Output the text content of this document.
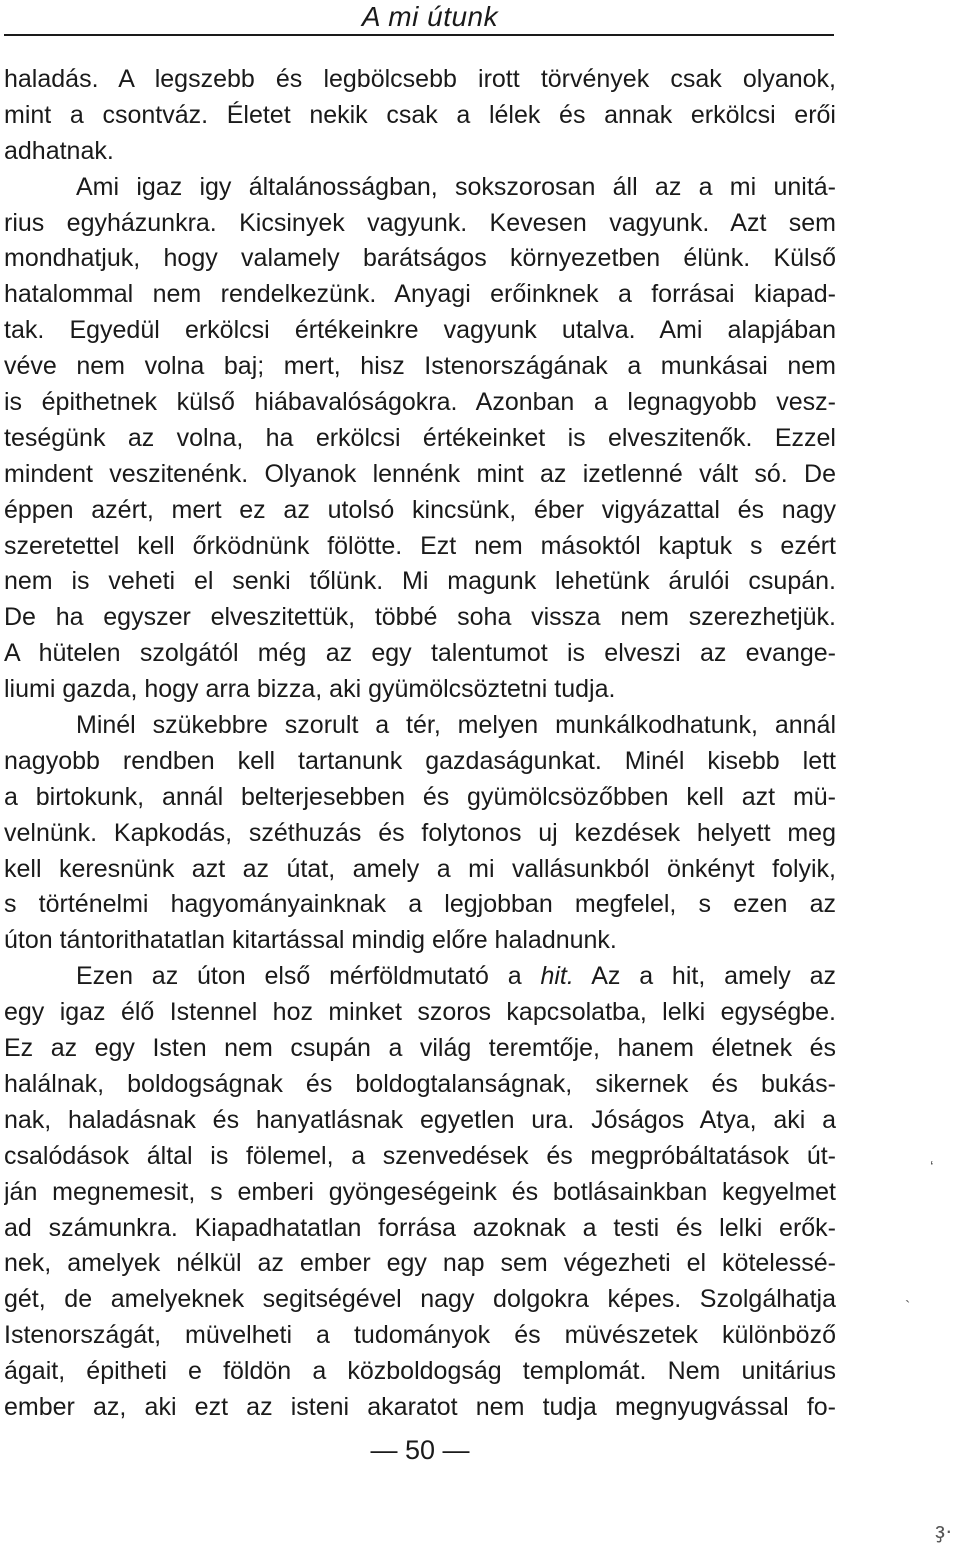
A mi útunk
haladás. A legszebb és legbölcsebb irott törvények csak olyanok,
mint a csontváz. Életet nekik csak a lélek és annak erkölcsi erői
adhatnak.
Ami igaz igy általánosságban, sokszorosan áll az a mi unitá-
rius egyházunkra. Kicsinyek vagyunk. Kevesen vagyunk. Azt sem
mondhatjuk, hogy valamely barátságos környezetben élünk. Külső
hatalommal nem rendelkezünk. Anyagi erőinknek a forrásai kiapad-
tak. Egyedül erkölcsi értékeinkre vagyunk utalva. Ami alapjában
véve nem volna baj; mert, hisz Istenországának a munkásai nem
is épithetnek külső hiábavalóságokra. Azonban a legnagyobb vesz-
teségünk az volna, ha erkölcsi értékeinket is elveszitenők. Ezzel
mindent veszitenénk. Olyanok lennénk mint az izetlenné vált só. De
éppen azért, mert ez az utolsó kincsünk, éber vigyázattal és nagy
szeretettel kell őrködnünk fölötte. Ezt nem másoktól kaptuk s ezért
nem is veheti el senki tőlünk. Mi magunk lehetünk árulói csupán.
De ha egyszer elveszitettük, többé soha vissza nem szerezhetjük.
A hütelen szolgától még az egy talentumot is elveszi az evange-
liumi gazda, hogy arra bizza, aki gyümölcsöztetni tudja.
Minél szükebbre szorult a tér, melyen munkálkodhatunk, annál
nagyobb rendben kell tartanunk gazdaságunkat. Minél kisebb lett
a birtokunk, annál belterjesebben és gyümölcsözőbben kell azt mü-
velnünk. Kapkodás, széthuzás és folytonos uj kezdések helyett meg
kell keresnünk azt az útat, amely a mi vallásunkból önkényt folyik,
s történelmi hagyományainknak a legjobban megfelel, s ezen az
úton tántorithatatlan kitartással mindig előre haladnunk.
Ezen az úton első mérföldmutató a hit. Az a hit, amely az
egy igaz élő Istennel hoz minket szoros kapcsolatba, lelki egységbe.
Ez az egy Isten nem csupán a világ teremtője, hanem életnek és
halálnak, boldogságnak és boldogtalanságnak, sikernek és bukás-
nak, haladásnak és hanyatlásnak egyetlen ura. Jóságos Atya, aki a
csalódások által is fölemel, a szenvedések és megpróbáltatások út-
ján megnemesit, s emberi gyöngeségeink és botlásainkban kegyelmet
ad számunkra. Kiapadhatatlan forrása azoknak a testi és lelki erők-
nek, amelyek nélkül az ember egy nap sem végezheti el kötelessé-
gét, de amelyeknek segitségével nagy dolgokra képes. Szolgálhatja
Istenországát, müvelheti a tudományok és müvészetek különböző
ágait, épitheti e földön a közboldogság templomát. Nem unitárius
ember az, aki ezt az isteni akaratot nem tudja megnyugvással fo-
— 50 —
‘
`
ҙ·
